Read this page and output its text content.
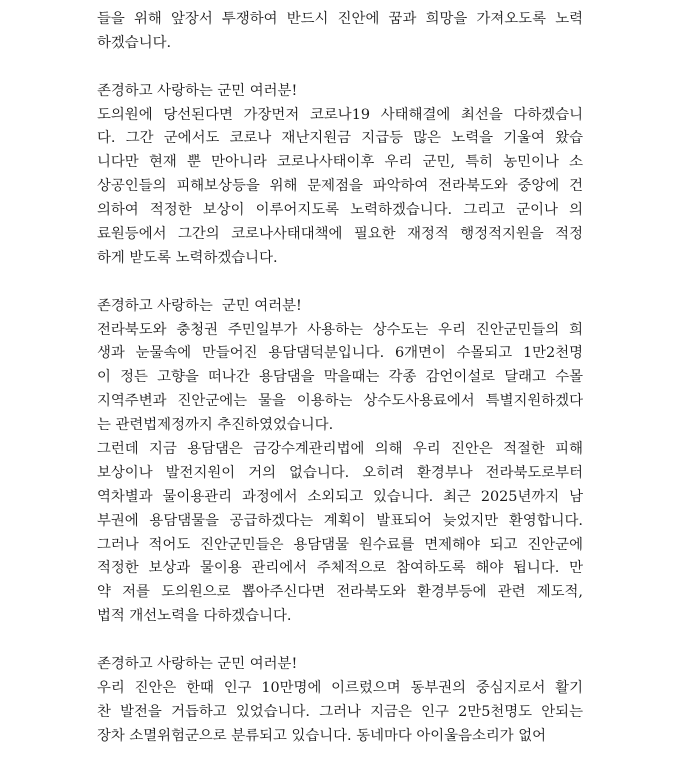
들을 위해 앞장서 투쟁하여 반드시 진안에 꿈과 희망을 가져오도록 노력
하겠습니다.
존경하고 사랑하는 군민 여러분!
도의원에 당선된다면 가장먼저 코로나19 사태해결에 최선을 다하겠습니
다. 그간 군에서도 코로나 재난지원금 지급등 많은 노력을 기울여 왔습
니다만 현재 뿐 만아니라 코로나사태이후 우리 군민, 특히 농민이나 소
상공인들의 피해보상등을 위해 문제점을 파악하여 전라북도와 중앙에 건
의하여 적정한 보상이 이루어지도록 노력하겠습니다. 그리고 군이나 의
료원등에서 그간의 코로나사태대책에 필요한 재정적 행정적지원을 적정
하게 받도록 노력하겠습니다.
존경하고 사랑하는  군민 여러분!
전라북도와 충청권 주민일부가 사용하는 상수도는 우리 진안군민들의 희
생과 눈물속에 만들어진 용담댐덕분입니다. 6개면이 수몰되고 1만2천명
이 정든 고향을 떠나간 용담댐을 막을때는 각종 감언이설로 달래고 수몰
지역주변과 진안군에는 물을 이용하는 상수도사용료에서 특별지원하겠다
는 관련법제정까지 추진하였었습니다.
그런데 지금 용담댐은 금강수계관리법에 의해 우리 진안은 적절한 피해
보상이나 발전지원이 거의 없습니다. 오히려 환경부나 전라북도로부터
역차별과 물이용관리 과정에서 소외되고 있습니다. 최근 2025년까지 남
부권에 용담댐물을 공급하겠다는 계획이 발표되어 늦었지만 환영합니다.
그러나 적어도 진안군민들은 용담댐물 원수료를 면제해야 되고 진안군에
적정한 보상과 물이용 관리에서 주체적으로 참여하도록 해야 됩니다. 만
약 저를 도의원으로 뽑아주신다면 전라북도와 환경부등에 관련 제도적,
법적 개선노력을 다하겠습니다.
존경하고 사랑하는 군민 여러분!
우리 진안은 한때 인구 10만명에 이르렀으며 동부권의 중심지로서 활기
찬 발전을 거듭하고 있었습니다. 그러나 지금은 인구 2만5천명도 안되는
장차 소멸위험군으로 분류되고 있습니다. 동네마다 아이울음소리가 없어
